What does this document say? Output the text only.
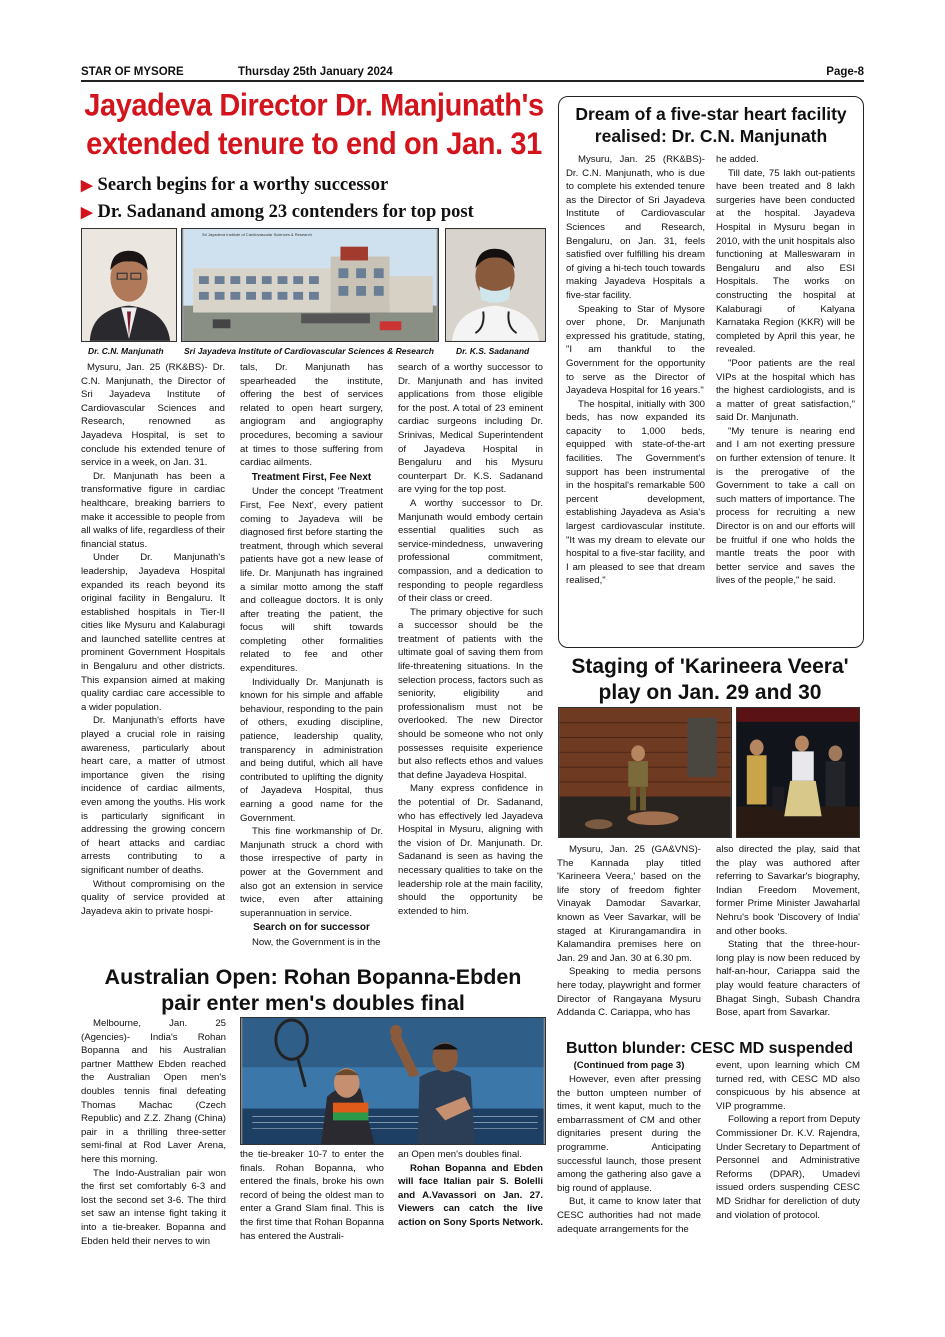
STAR OF MYSORE	Thursday 25th January 2024	Page-8
Jayadeva Director Dr. Manjunath's
extended tenure to end on Jan. 31
▶ Search begins for a worthy successor
▶ Dr. Sadanand among 23 contenders for top post
Sri Jayadeva Institute of Cardiovascular Sciences & Research
Dr. C.N. Manjunath Sri Jayadeva Institute of Cardiovascular Sciences & Research	Dr. K.S. Sadanand

Mysuru, Jan. 25 (RK&BS)- Dr. C.N. Manjunath, the Director of Sri Jayadeva Institute of Cardiovascular Sciences and Research, renowned as Jayadeva Hospital, is set to conclude his extended tenure of service in a week, on Jan. 31.

Dr. Manjunath has been a transformative figure in cardiac healthcare, breaking barriers to make it accessible to people from all walks of life, regardless of their financial status.

Under Dr. Manjunath's leadership, Jayadeva Hospital expanded its reach beyond its original facility in Bengaluru. It established hospitals in Tier-II cities like Mysuru and Kalaburagi and launched satellite centres at prominent Government Hospitals in Bengaluru and other districts. This expansion aimed at making quality cardiac care accessible to a wider population.

Dr. Manjunath's efforts have played a crucial role in raising awareness, particularly about heart care, a matter of utmost importance given the rising incidence of cardiac ailments, even among the youths. His work is particularly significant in addressing the growing concern of heart attacks and cardiac arrests contributing to a significant number of deaths.

Without compromising on the quality of service provided at Jayadeva akin to private hospi-

tals, Dr. Manjunath has spearheaded the institute, offering the best of services related to open heart surgery, angiogram and angiography procedures, becoming a saviour at times to those suffering from cardiac ailments.

Treatment First, Fee Next

Under the concept 'Treatment First, Fee Next', every patient coming to Jayadeva will be diagnosed first before starting the treatment, through which several patients have got a new lease of life. Dr. Manjunath has ingrained a similar motto among the staff and colleague doctors. It is only after treating the patient, the focus will shift towards completing other formalities related to fee and other expenditures.

Individually Dr. Manjunath is known for his simple and affable behaviour, responding to the pain of others, exuding discipline, patience, leadership quality, transparency in administration and being dutiful, which all have contributed to uplifting the dignity of Jayadeva Hospital, thus earning a good name for the Government.

This fine workmanship of Dr. Manjunath struck a chord with those irrespective of party in power at the Government and also got an extension in service twice, even after attaining superannuation in service.

Search on for successor

Now, the Government is in the

search of a worthy successor to Dr. Manjunath and has invited applications from those eligible for the post. A total of 23 eminent cardiac surgeons including Dr. Srinivas, Medical Superintendent of Jayadeva Hospital in Bengaluru and his Mysuru counterpart Dr. K.S. Sadanand are vying for the top post.

A worthy successor to Dr. Manjunath would embody certain essential qualities such as service-mindedness, unwavering professional commitment, compassion, and a dedication to responding to people regardless of their class or creed.

The primary objective for such a successor should be the treatment of patients with the ultimate goal of saving them from life-threatening situations. In the selection process, factors such as seniority, eligibility and professionalism must not be overlooked. The new Director should be someone who not only possesses requisite experience but also reflects ethos and values that define Jayadeva Hospital.

Many express confidence in the potential of Dr. Sadanand, who has effectively led Jayadeva Hospital in Mysuru, aligning with the vision of Dr. Manjunath. Dr. Sadanand is seen as having the necessary qualities to take on the leadership role at the main facility, should the opportunity be extended to him.

Dream of a five-star heart facility realised: Dr. C.N. Manjunath

Mysuru, Jan. 25 (RK&BS)- Dr. C.N. Manjunath, who is due to complete his extended tenure as the Director of Sri Jayadeva Institute of Cardiovascular Sciences and Research, Bengaluru, on Jan. 31, feels satisfied over fulfilling his dream of giving a hi-tech touch towards making Jayadeva Hospitals a five-star facility.

Speaking to Star of Mysore over phone, Dr. Manjunath expressed his gratitude, stating, "I am thankful to the Government for the opportunity to serve as the Director of Jayadeva Hospital for 16 years."

The hospital, initially with 300 beds, has now expanded its capacity to 1,000 beds, equipped with state-of-the-art facilities. The Government's support has been instrumental in the hospital's remarkable 500 percent development, establishing Jayadeva as Asia's largest cardiovascular institute. "It was my dream to elevate our hospital to a five-star facility, and I am pleased to see that dream realised,"

he added.

Till date, 75 lakh out-patients have been treated and 8 lakh surgeries have been conducted at the hospital. Jayadeva Hospital in Mysuru began in 2010, with the unit hospitals also functioning at Malleswaram in Bengaluru and also ESI Hospitals. The works on constructing the hospital at Kalaburagi of Kalyana Karnataka Region (KKR) will be completed by April this year, he revealed.

"Poor patients are the real VIPs at the hospital which has the highest cardiologists, and is a matter of great satisfaction," said Dr. Manjunath.

"My tenure is nearing end and I am not exerting pressure on further extension of tenure. It is the prerogative of the Government to take a call on such matters of importance. The process for recruiting a new Director is on and our efforts will be fruitful if one who holds the mantle treats the poor with better service and saves the lives of the people," he said.

Staging of 'Karineera Veera'
play on Jan. 29 and 30

Mysuru, Jan. 25 (GA&VNS)- The Kannada play titled 'Karineera Veera,' based on the life story of freedom fighter Vinayak Damodar Savarkar, known as Veer Savarkar, will be staged at Kirurangamandira in Kalamandira premises here on Jan. 29 and Jan. 30 at 6.30 pm.

Speaking to media persons here today, playwright and former Director of Rangayana Mysuru Addanda C. Cariappa, who has

also directed the play, said that the play was authored after referring to Savarkar's biography, Indian Freedom Movement, former Prime Minister Jawaharlal Nehru's book 'Discovery of India' and other books.

Stating that the three-hour-long play is now been reduced by half-an-hour, Cariappa said the play would feature characters of Bhagat Singh, Subash Chandra Bose, apart from Savarkar.

Australian Open: Rohan Bopanna-Ebden
pair enter men's doubles final

Melbourne, Jan. 25 (Agencies)- India's Rohan Bopanna and his Australian partner Matthew Ebden reached the Australian Open men's doubles tennis final defeating Thomas Machac (Czech Republic) and Z.Z. Zhang (China) pair in a thrilling three-setter semi-final at Rod Laver Arena, here this morning.

The Indo-Australian pair won the first set comfortably 6-3 and lost the second set 3-6. The third set saw an intense fight taking it into a tie-breaker. Bopanna and Ebden held their nerves to win

the tie-breaker 10-7 to enter the finals. Rohan Bopanna, who entered the finals, broke his own record of being the oldest man to enter a Grand Slam final. This is the first time that Rohan Bopanna has entered the Australi-

an Open men's doubles final.

Rohan Bopanna and Ebden will face Italian pair S. Bolelli and A.Vavassori on Jan. 27. Viewers can catch the live action on Sony Sports Network.

Button blunder: CESC MD suspended
(Continued from page 3)

However, even after pressing the button umpteen number of times, it went kaput, much to the embarrassment of CM and other dignitaries present during the programme. Anticipating successful launch, those present among the gathering also gave a big round of applause.

But, it came to know later that CESC authorities had not made adequate arrangements for the

event, upon learning which CM turned red, with CESC MD also conspicuous by his absence at VIP programme.

Following a report from Deputy Commissioner Dr. K.V. Rajendra, Under Secretary to Department of Personnel and Administrative Reforms (DPAR), Umadevi issued orders suspending CESC MD Sridhar for dereliction of duty and violation of protocol.
